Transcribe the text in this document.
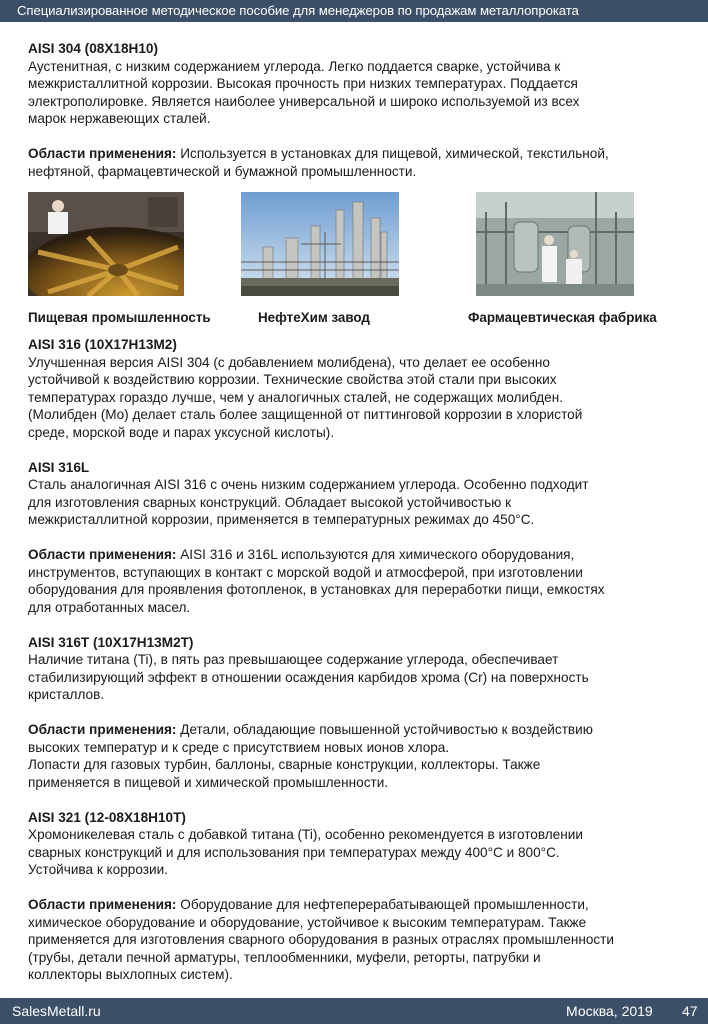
Специализированное методическое пособие для менеджеров по продажам металлопроката

AISI 304 (08Х18Н10)

Аустенитная, с низким содержанием углерода. Легко поддается сварке, устойчива к

межкристаллитной коррозии. Высокая прочность при низких температурах. Поддается

электрополировке. Является наиболее универсальной и широко используемой из всех

марок нержавеющих сталей.

Области применения: Используется в установках для пищевой, химической, текстильной,

нефтяной, фармацевтической и бумажной промышленности.

Пищевая промышленность	НефтеХим завод	Фармацевтическая фабрика

AISI 316 (10Х17Н13М2)

Улучшенная версия AISI 304 (с добавлением молибдена), что делает ее особенно

устойчивой к воздействию коррозии. Технические свойства этой стали при высоких

температурах гораздо лучше, чем у аналогичных сталей, не содержащих молибден.

(Молибден (Mo) делает сталь более защищенной от питтинговой коррозии в хлористой

среде, морской воде и парах уксусной кислоты).

AISI 316L

Сталь аналогичная AISI 316 с очень низким содержанием углерода. Особенно подходит

для изготовления сварных конструкций. Обладает высокой устойчивостью к

межкристаллитной коррозии, применяется в температурных режимах до 450°С.

Области применения: AISI 316 и 316L используются для химического оборудования,

инструментов, вступающих в контакт с морской водой и атмосферой, при изготовлении

оборудования для проявления фотопленок, в установках для переработки пищи, емкостях

для отработанных масел.

AISI 316T (10Х17Н13М2Т)

Наличие титана (Ti), в пять раз превышающее содержание углерода, обеспечивает

стабилизирующий эффект в отношении осаждения карбидов хрома (Cr) на поверхность

кристаллов.

Области применения: Детали, обладающие повышенной устойчивостью к воздействию

высоких температур и к среде с присутствием новых ионов хлора.

Лопасти для газовых турбин, баллоны, сварные конструкции, коллекторы. Также

применяется в пищевой и химической промышленности.

AISI 321 (12-08Х18Н10Т)

Хромоникелевая сталь с добавкой титана (Ti), особенно рекомендуется в изготовлении

сварных конструкций и для использования при температурах между 400°С и 800°С.

Устойчива к коррозии.

Области применения: Оборудование для нефтеперерабатывающей промышленности,

химическое оборудование и оборудование, устойчивое к высоким температурам. Также

применяется для изготовления сварного оборудования в разных отраслях промышленности

(трубы, детали печной арматуры, теплообменники, муфели, реторты, патрубки и

коллекторы выхлопных систем).

SalesMetall.ru	Москва, 2019 47
